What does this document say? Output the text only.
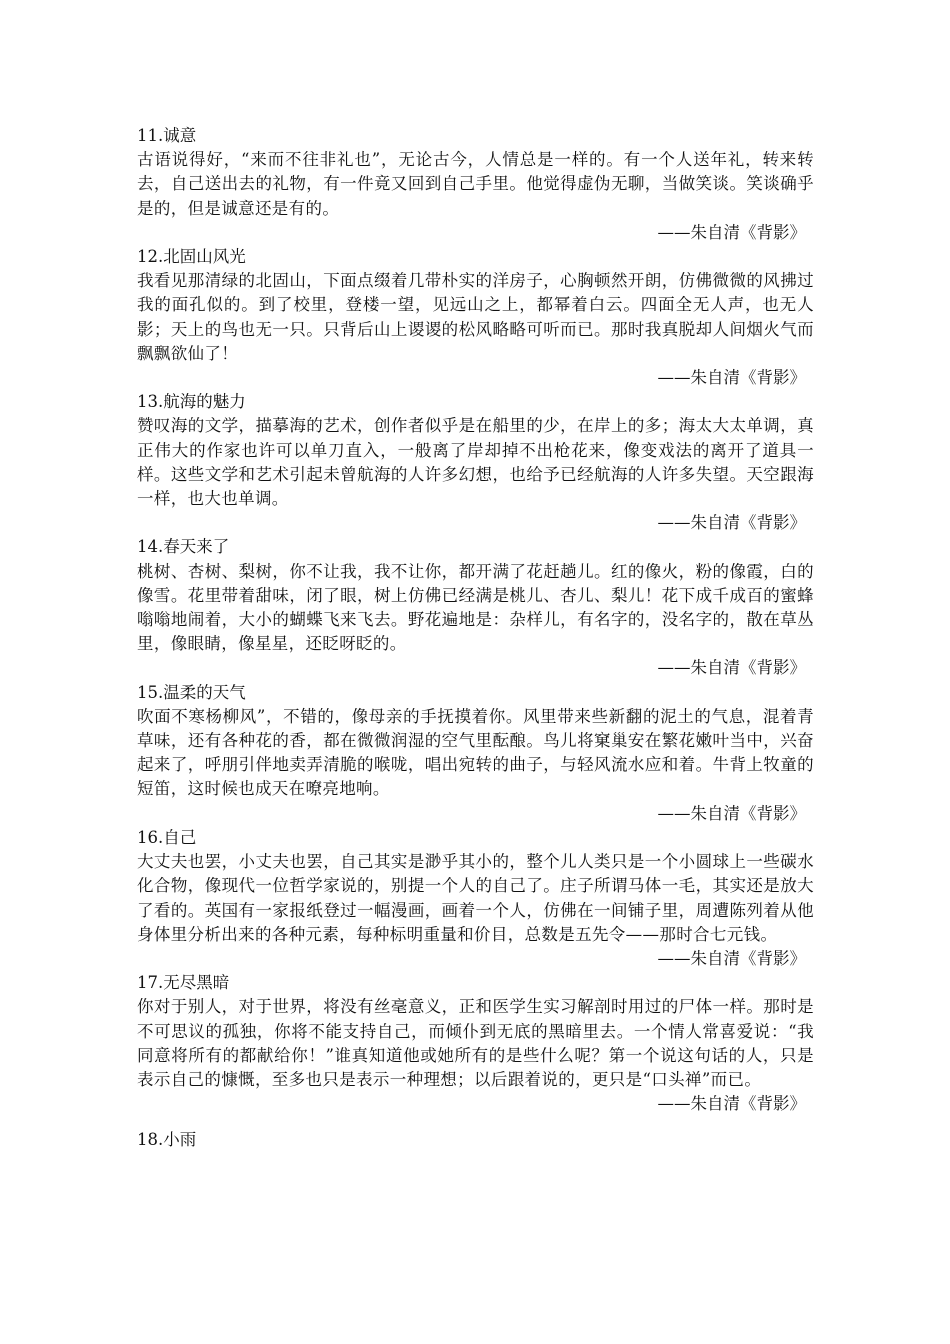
11.诚意

古语说得好，“来而不往非礼也”，无论古今，人情总是一样的。有一个人送年礼，转来转去，自己送出去的礼物，有一件竟又回到自己手里。他觉得虚伪无聊，当做笑谈。笑谈确乎是的，但是诚意还是有的。

——朱自清《背影》

12.北固山风光

我看见那清绿的北固山，下面点缀着几带朴实的洋房子，心胸顿然开朗，仿佛微微的风拂过我的面孔似的。到了校里，登楼一望，见远山之上，都幂着白云。四面全无人声，也无人影；天上的鸟也无一只。只背后山上谡谡的松风略略可听而已。那时我真脱却人间烟火气而飘飘欲仙了！

——朱自清《背影》

13.航海的魅力

赞叹海的文学，描摹海的艺术，创作者似乎是在船里的少，在岸上的多；海太大太单调，真正伟大的作家也许可以单刀直入，一般离了岸却掉不出枪花来，像变戏法的离开了道具一样。这些文学和艺术引起未曾航海的人许多幻想，也给予已经航海的人许多失望。天空跟海一样，也大也单调。

——朱自清《背影》

14.春天来了

桃树、杏树、梨树，你不让我，我不让你，都开满了花赶趟儿。红的像火，粉的像霞，白的像雪。花里带着甜味，闭了眼，树上仿佛已经满是桃儿、杏儿、梨儿！花下成千成百的蜜蜂嗡嗡地闹着，大小的蝴蝶飞来飞去。野花遍地是：杂样儿，有名字的，没名字的，散在草丛里，像眼睛，像星星，还眨呀眨的。

——朱自清《背影》

15.温柔的天气

吹面不寒杨柳风”，不错的，像母亲的手抚摸着你。风里带来些新翻的泥土的气息，混着青草味，还有各种花的香，都在微微润湿的空气里酝酿。鸟儿将窠巢安在繁花嫩叶当中，兴奋起来了，呼朋引伴地卖弄清脆的喉咙，唱出宛转的曲子，与轻风流水应和着。牛背上牧童的短笛，这时候也成天在嘹亮地响。

——朱自清《背影》

16.自己

大丈夫也罢，小丈夫也罢，自己其实是渺乎其小的，整个儿人类只是一个小圆球上一些碳水化合物，像现代一位哲学家说的，别提一个人的自己了。庄子所谓马体一毛，其实还是放大了看的。英国有一家报纸登过一幅漫画，画着一个人，仿佛在一间铺子里，周遭陈列着从他身体里分析出来的各种元素，每种标明重量和价目，总数是五先令——那时合七元钱。

——朱自清《背影》

17.无尽黑暗

你对于别人，对于世界，将没有丝毫意义，正和医学生实习解剖时用过的尸体一样。那时是不可思议的孤独，你将不能支持自己，而倾仆到无底的黑暗里去。一个情人常喜爱说：“我同意将所有的都献给你！”谁真知道他或她所有的是些什么呢？第一个说这句话的人，只是表示自己的慷慨，至多也只是表示一种理想；以后跟着说的，更只是“口头禅”而已。

——朱自清《背影》

18.小雨
